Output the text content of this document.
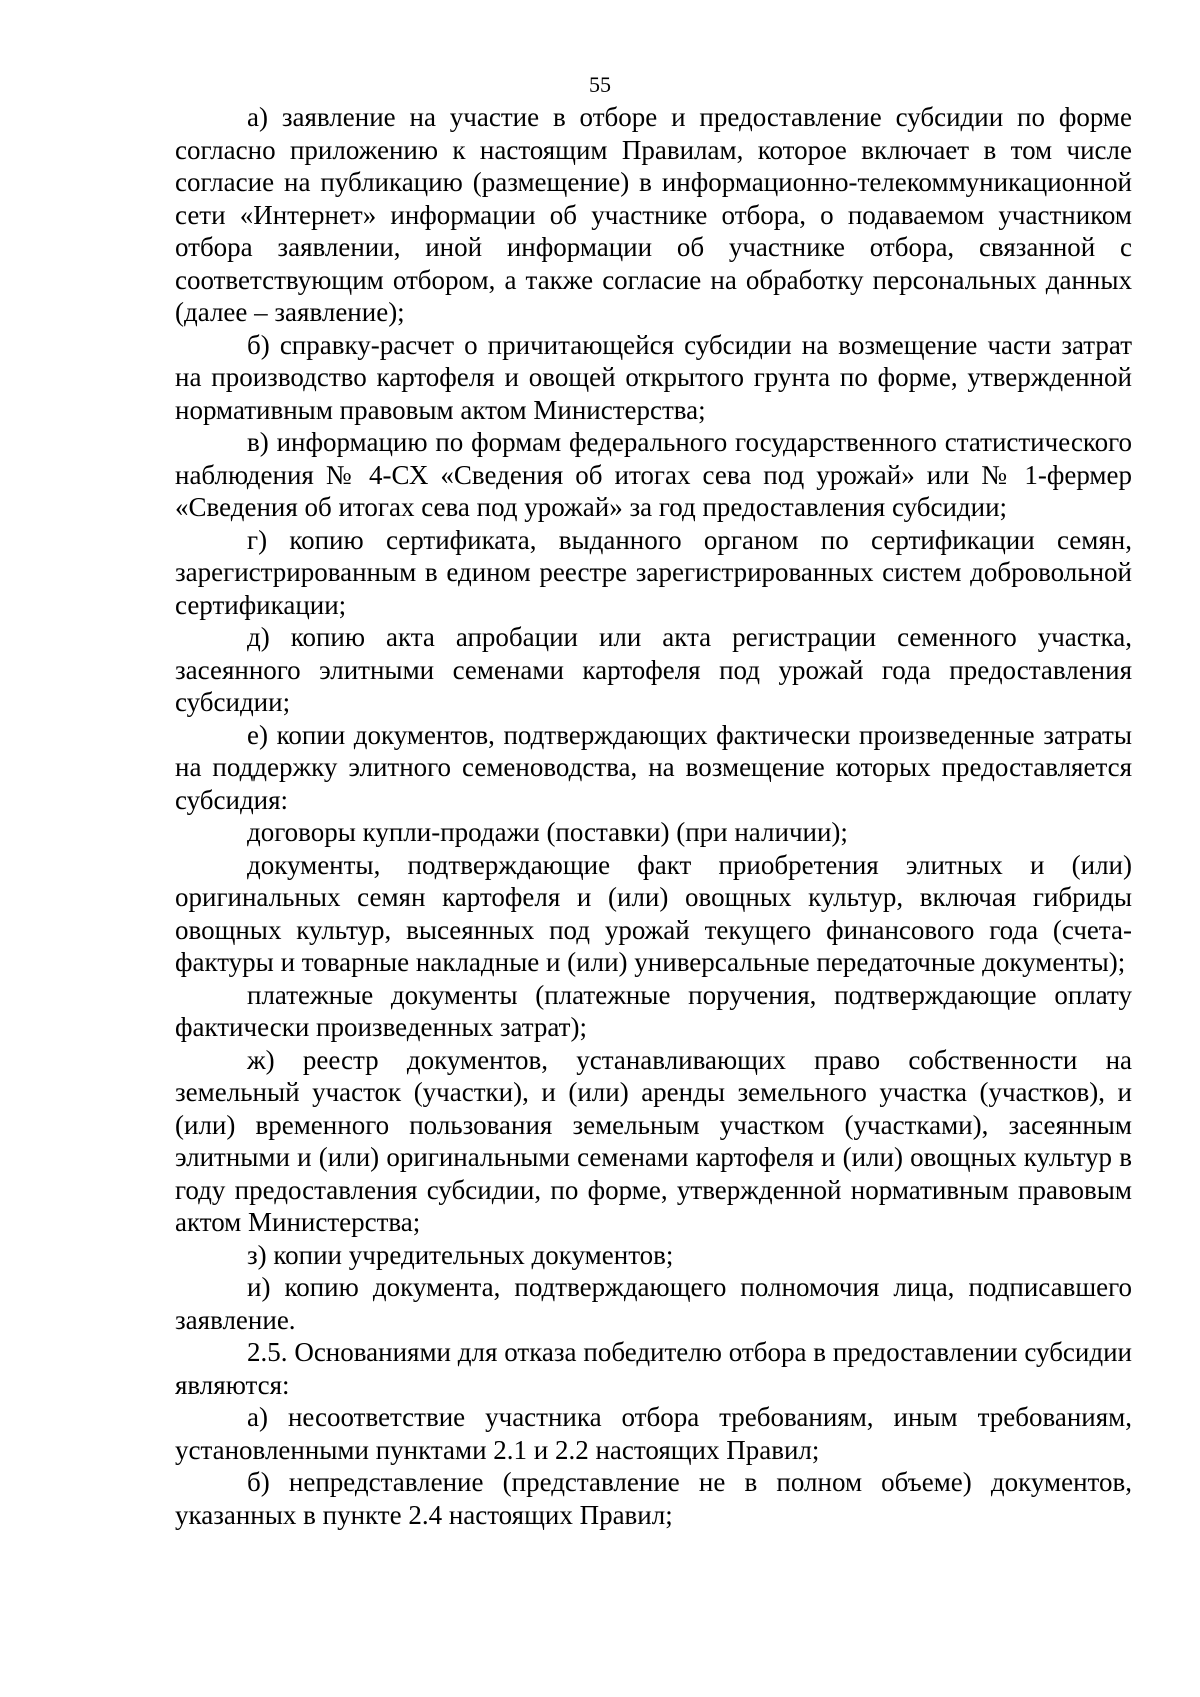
55

а) заявление на участие в отборе и предоставление субсидии по форме согласно приложению к настоящим Правилам, которое включает в том числе согласие на публикацию (размещение) в информационно-телекоммуникационной сети «Интернет» информации об участнике отбора, о подаваемом участником отбора заявлении, иной информации об участнике отбора, связанной с соответствующим отбором, а также согласие на обработку персональных данных (далее – заявление);

б) справку-расчет о причитающейся субсидии на возмещение части затрат на производство картофеля и овощей открытого грунта по форме, утвержденной нормативным правовым актом Министерства;

в) информацию по формам федерального государственного статистического наблюдения № 4-СХ «Сведения об итогах сева под урожай» или № 1-фермер «Сведения об итогах сева под урожай» за год предоставления субсидии;

г) копию сертификата, выданного органом по сертификации семян, зарегистрированным в едином реестре зарегистрированных систем добровольной сертификации;

д) копию акта апробации или акта регистрации семенного участка, засеянного элитными семенами картофеля под урожай года предоставления субсидии;

е) копии документов, подтверждающих фактически произведенные затраты на поддержку элитного семеноводства, на возмещение которых предоставляется субсидия:

договоры купли-продажи (поставки) (при наличии);

документы, подтверждающие факт приобретения элитных и (или) оригинальных семян картофеля и (или) овощных культур, включая гибриды овощных культур, высеянных под урожай текущего финансового года (счета-фактуры и товарные накладные и (или) универсальные передаточные документы);

платежные документы (платежные поручения, подтверждающие оплату фактически произведенных затрат);

ж) реестр документов, устанавливающих право собственности на земельный участок (участки), и (или) аренды земельного участка (участков), и (или) временного пользования земельным участком (участками), засеянным элитными и (или) оригинальными семенами картофеля и (или) овощных культур в году предоставления субсидии, по форме, утвержденной нормативным правовым актом Министерства;

з) копии учредительных документов;

и) копию документа, подтверждающего полномочия лица, подписавшего заявление.

2.5. Основаниями для отказа победителю отбора в предоставлении субсидии являются:

а) несоответствие участника отбора требованиям, иным требованиям, установленными пунктами 2.1 и 2.2 настоящих Правил;

б) непредставление (представление не в полном объеме) документов, указанных в пункте 2.4 настоящих Правил;
